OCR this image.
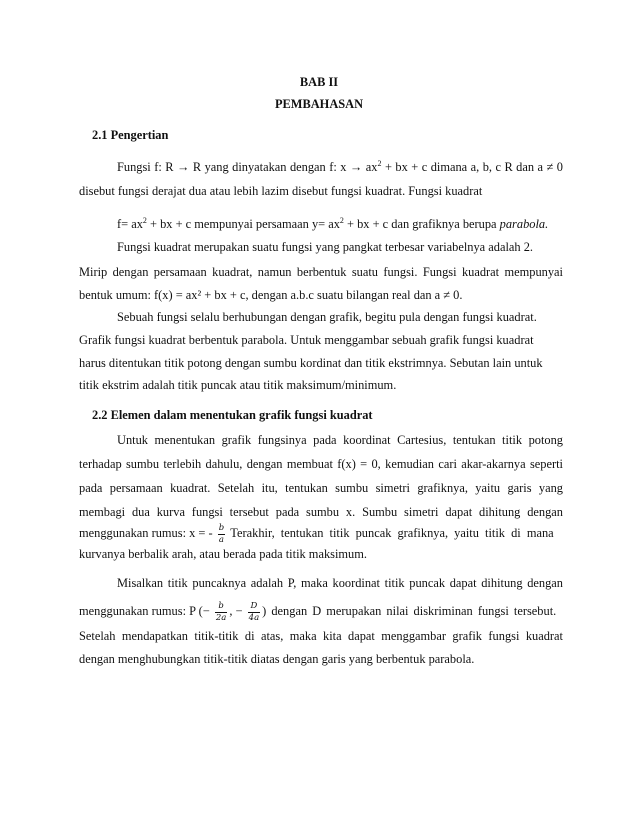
BAB II
PEMBAHASAN
2.1 Pengertian
Fungsi f: R → R yang dinyatakan dengan f: $x \to ax^2$ + bx + c dimana a, b, c R dan a ≠ 0
disebut fungsi derajat dua atau lebih lazim disebut fungsi kuadrat. Fungsi kuadrat
$f= ax^2$ + bx + c mempunyai persamaan $y= ax^2$ + bx + c dan grafiknya berupa parabola.
Fungsi kuadrat merupakan suatu fungsi yang pangkat terbesar variabelnya adalah 2.
Mirip dengan persamaan kuadrat, namun berbentuk suatu fungsi. Fungsi kuadrat mempunyai
bentuk umum: f(x) = ax² + bx + c, dengan a.b.c suatu bilangan real dan a ≠ 0.
Sebuah fungsi selalu berhubungan dengan grafik, begitu pula dengan fungsi kuadrat.
Grafik fungsi kuadrat berbentuk parabola. Untuk menggambar sebuah grafik fungsi kuadrat
harus ditentukan titik potong dengan sumbu kordinat dan titik ekstrimnya. Sebutan lain untuk
titik ekstrim adalah titik puncak atau titik maksimum/minimum.
2.2 Elemen dalam menentukan grafik fungsi kuadrat
Untuk menentukan grafik fungsinya pada koordinat Cartesius, tentukan titik potong
terhadap sumbu terlebih dahulu, dengan membuat f(x) = 0, kemudian cari akar-akarnya seperti
pada persamaan kuadrat. Setelah itu, tentukan sumbu simetri grafiknya, yaitu garis yang
membagi dua kurva fungsi tersebut pada sumbu x. Sumbu simetri dapat dihitung dengan
menggunakan rumus: x = - $\frac{b}{a}$ Terakhir, tentukan titik puncak grafiknya, yaitu titik di mana
kurvanya berbalik arah, atau berada pada titik maksimum.
Misalkan titik puncaknya adalah P, maka koordinat titik puncak dapat dihitung dengan
menggunakan rumus: P (− $\frac{b}{2a}$ , − $\frac{D}{4a}$ ) dengan D merupakan nilai diskriminan fungsi tersebut.
Setelah mendapatkan titik-titik di atas, maka kita dapat menggambar grafik fungsi kuadrat
dengan menghubungkan titik-titik diatas dengan garis yang berbentuk parabola.
